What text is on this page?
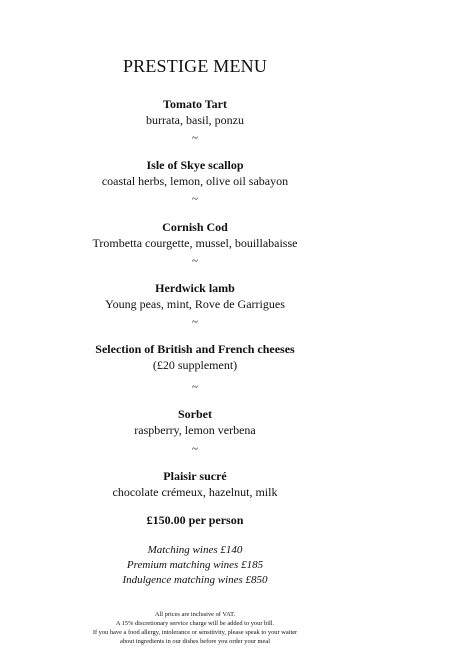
PRESTIGE MENU
Tomato Tart
burrata, basil, ponzu
~
Isle of Skye scallop
coastal herbs, lemon, olive oil sabayon
~
Cornish Cod
Trombetta courgette, mussel, bouillabaisse
~
Herdwick lamb
Young peas, mint, Rove de Garrigues
~
Selection of British and French cheeses
(£20 supplement)
~
Sorbet
raspberry, lemon verbena
~
Plaisir sucré
chocolate crémeux, hazelnut, milk
£150.00 per person
Matching wines £140
Premium matching wines £185
Indulgence matching wines £850
All prices are inclusive of VAT.
A 15% discretionary service charge will be added to your bill.
If you have a food allergy, intolerance or sensitivity, please speak to your waiter
about ingredients in our dishes before you order your meal
